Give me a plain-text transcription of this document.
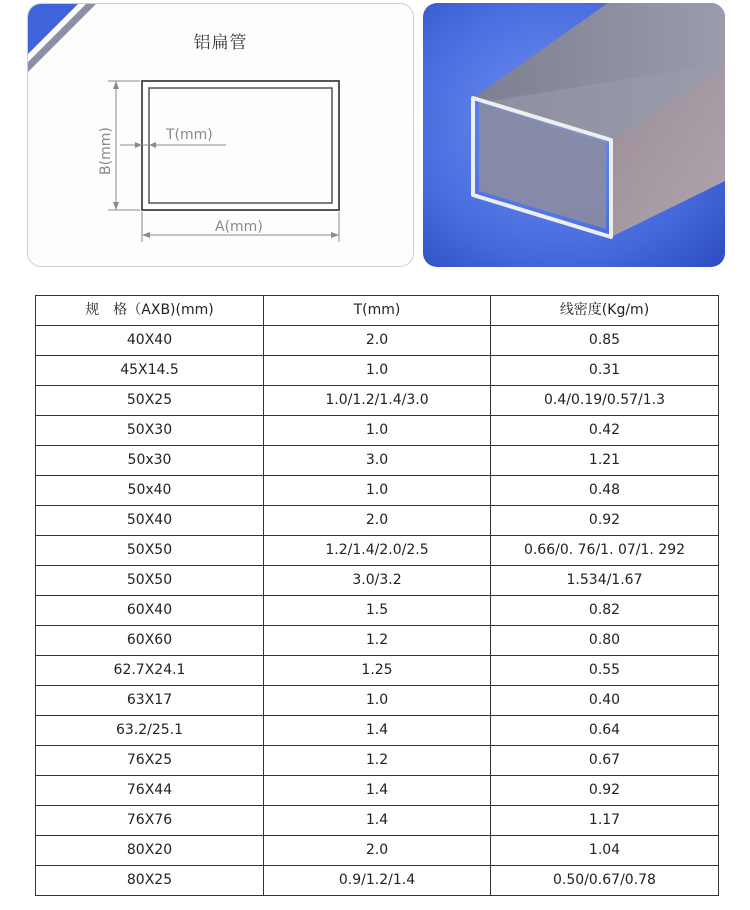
铝扁管
B(mm)	T(mm)
A(mm)
规　格（AXB)(mm)	T(mm)	线密度(Kg/m)
40X40	2.0	0.85
45X14.5	1.0	0.31
50X25	1.0/1.2/1.4/3.0	0.4/0.19/0.57/1.3
50X30	1.0	0.42
50x30	3.0	1.21
50x40	1.0	0.48
50X40	2.0	0.92
50X50	1.2/1.4/2.0/2.5	0.66/0. 76/1. 07/1. 292
50X50	3.0/3.2	1.534/1.67
60X40	1.5	0.82
60X60	1.2	0.80
62.7X24.1	1.25	0.55
63X17	1.0	0.40
63.2/25.1	1.4	0.64
76X25	1.2	0.67
76X44	1.4	0.92
76X76	1.4	1.17
80X20	2.0	1.04
80X25	0.9/1.2/1.4	0.50/0.67/0.78
